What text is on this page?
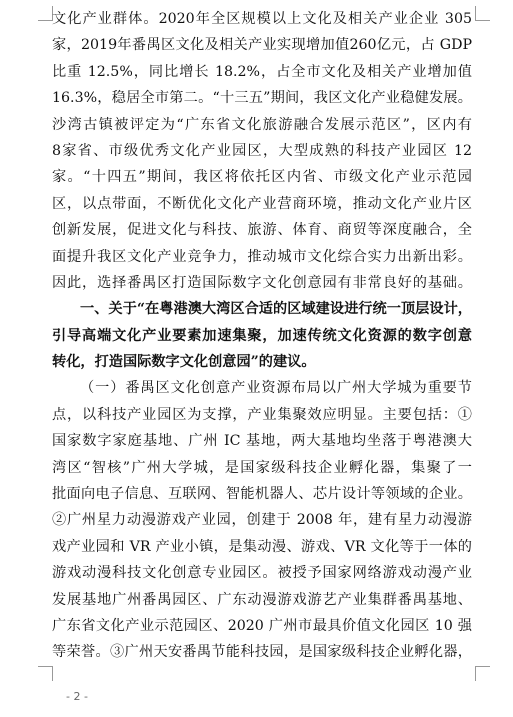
文化产业群体。2020年全区规模以上文化及相关产业企业 305
家，2019年番禺区文化及相关产业实现增加值260亿元，占 GDP
比重 12.5%，同比增长 18.2%，占全市文化及相关产业增加值
16.3%，稳居全市第二。“十三五”期间，我区文化产业稳健发展。
沙湾古镇被评定为“广东省文化旅游融合发展示范区”，区内有
8家省、市级优秀文化产业园区，大型成熟的科技产业园区 12
家。“十四五”期间，我区将依托区内省、市级文化产业示范园
区，以点带面，不断优化文化产业营商环境，推动文化产业片区
创新发展，促进文化与科技、旅游、体育、商贸等深度融合，全
面提升我区文化产业竞争力，推动城市文化综合实力出新出彩。
因此，选择番禺区打造国际数字文化创意园有非常良好的基础。
一、关于“在粤港澳大湾区合适的区域建设进行统一顶层设计，
引导高端文化产业要素加速集聚，加速传统文化资源的数字创意
转化，打造国际数字文化创意园”的建议。
（一）番禺区文化创意产业资源布局以广州大学城为重要节
点，以科技产业园区为支撑，产业集聚效应明显。主要包括：①
国家数字家庭基地、广州 IC 基地，两大基地均坐落于粤港澳大
湾区“智核”广州大学城，是国家级科技企业孵化器，集聚了一
批面向电子信息、互联网、智能机器人、芯片设计等领域的企业。
②广州星力动漫游戏产业园，创建于 2008 年，建有星力动漫游
戏产业园和 VR 产业小镇，是集动漫、游戏、VR 文化等于一体的
游戏动漫科技文化创意专业园区。被授予国家网络游戏动漫产业
发展基地广州番禺园区、广东动漫游戏游艺产业集群番禺基地、
广东省文化产业示范园区、2020 广州市最具价值文化园区 10 强
等荣誉。③广州天安番禺节能科技园，是国家级科技企业孵化器，
- 2 -
